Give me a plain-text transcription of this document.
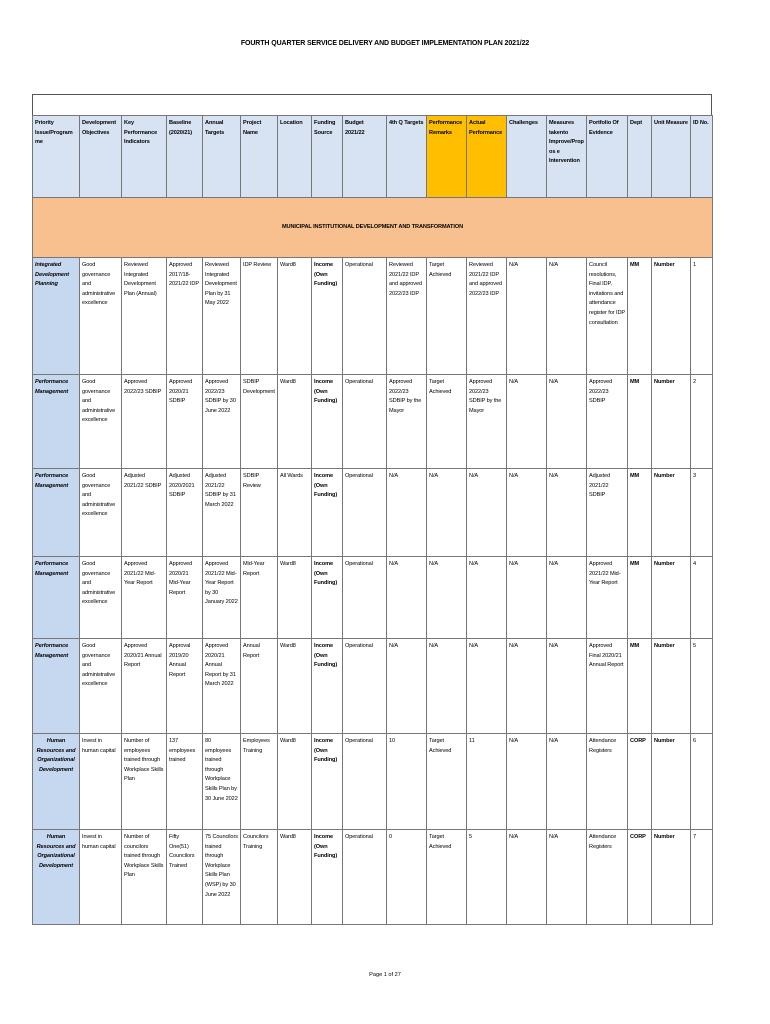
FOURTH QUARTER SERVICE DELIVERY AND BUDGET IMPLEMENTATION PLAN 2021/22
Priority Issue/Programme	Development Objectives	Key Performance Indicators	Baseline (2020/21)	Annual Targets	Project Name	Location	Funding Source	Budget 2021/22	4th Q Targets	Performance Remarks	Actual Performance	Challenges	Measures takento Improve/Propos e Intervention	Portfolio Of Evidence	Dept	Unit Measure	ID No.
MUNICIPAL INSTITUTIONAL DEVELOPMENT AND TRANSFORMATION																	
Integrated Development Planning	Good governance and administrative excellence	Reviewed Integrated Development Plan (Annual)	Approved 2017/18-2021/22 IDP	Reviewed Integrated Development Plan by 31 May 2022	IDP Review	Ward8	Income (Own Funding)	Operational	Reviewed 2021/22 IDP and approved 2022/23 IDP	Target Achieved	Reviewed 2021/22 IDP and approved 2022/23 IDP	N/A	N/A	Council resolutions, Final IDP, invitations and attendance register for IDP consultation	MM	Number	1
Performance Management	Good governance and administrative excellence	Approved 2022/23 SDBIP	Approved 2020/21 SDBIP	Approved 2022/23 SDBIP by 30 June 2022	SDBIP Development	Ward8	Income (Own Funding)	Operational	Approved 2022/23 SDBIP by the Mayor	Target Achieved	Approved 2022/23 SDBIP by the Mayor	N/A	N/A	Approved 2022/23 SDBIP	MM	Number	2
Performance Management	Good governance and administrative excellence	Adjusted 2021/22 SDBIP	Adjusted 2020/2021 SDBIP	Adjusted 2021/22 SDBIP by 31 March 2022	SDBIP Review	All Wards	Income (Own Funding)	Operational	N/A	N/A	N/A	N/A	N/A	Adjusted 2021/22 SDBIP	MM	Number	3
Performance Management	Good governance and administrative excellence	Approved 2021/22 Mid-Year Report	Approved 2020/21 Mid-Year Report	Approved 2021/22 Mid-Year Report by 30 January 2022	Mid-Year Report	Ward8	Income (Own Funding)	Operational	N/A	N/A	N/A	N/A	N/A	Approved 2021/22 Mid-Year Report	MM	Number	4
Performance Management	Good governance and administrative excellence	Approved 2020/21 Annual Report	Approval 2019/20 Annual Report	Approved 2020/21 Annual Report by 31 March 2022	Annual Report	Ward8	Income (Own Funding)	Operational	N/A	N/A	N/A	N/A	N/A	Approved Final 2020/21 Annual Report	MM	Number	5
Human Resources and Organizational Development	Invest in human capital	Number of employees trained through Workplace Skills Plan	137 employees trained	80 employees trained through Workplace Skills Plan by 30 June 2022	Employees Training	Ward8	Income (Own Funding)	Operational	10	Target Achieved	11	N/A	N/A	Attendance Registers	CORP	Number	6
Human Resources and Organizational Development	Invest in human capital	Number of councilors trained through Workplace Skills Plan	Fifty One(51) Councilors Trained	75 Councilors trained through Workplace Skills Plan (WSP) by 30 June 2022	Councilors Training	Ward8	Income (Own Funding)	Operational	0	Target Achieved	5	N/A	N/A	Attendance Registers	CORP	Number	7
Page 1 of 27
